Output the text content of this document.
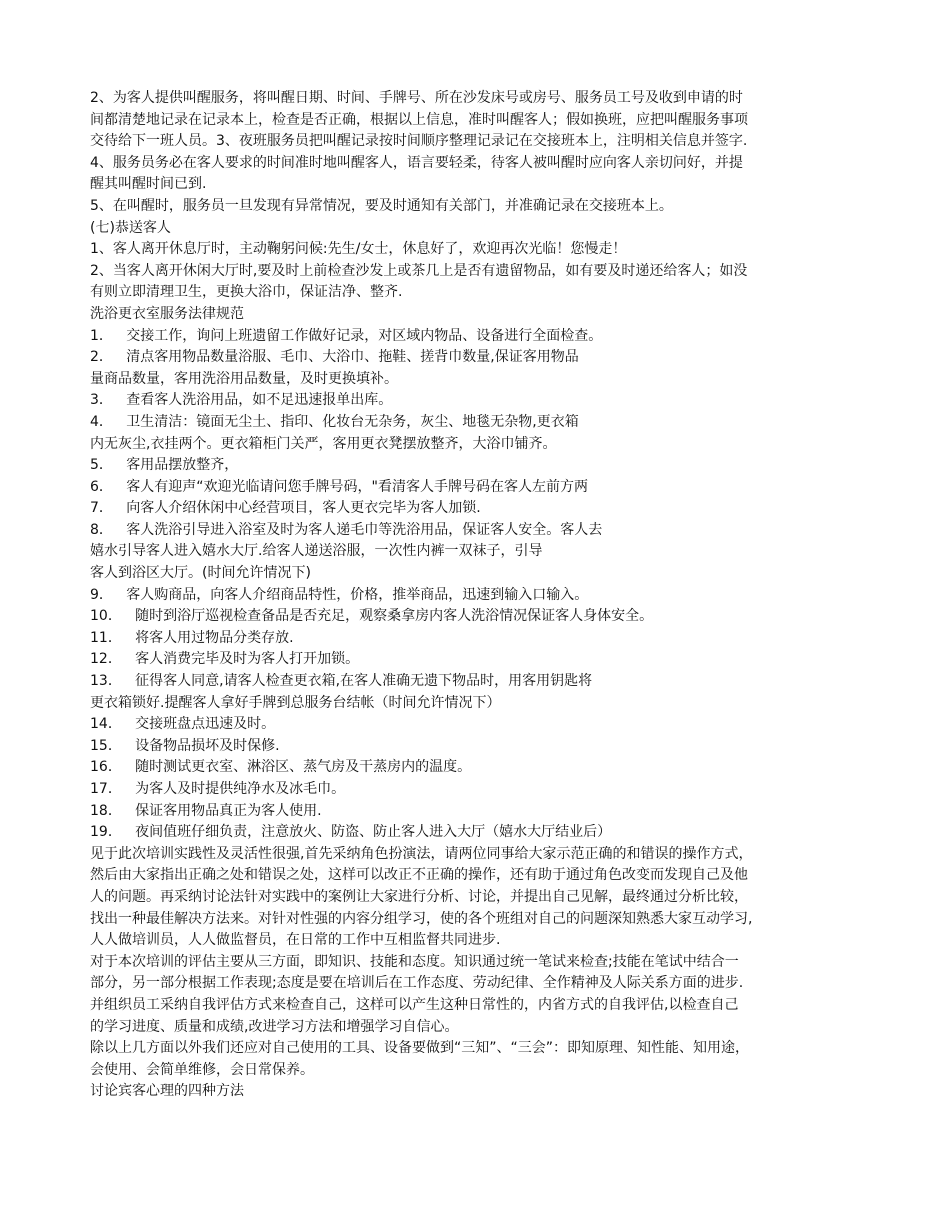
2、为客人提供叫醒服务，将叫醒日期、时间、手牌号、所在沙发床号或房号、服务员工号及收到申请的时
间都清楚地记录在记录本上，检查是否正确，根据以上信息，准时叫醒客人；假如换班，应把叫醒服务事项
交待给下一班人员。3、夜班服务员把叫醒记录按时间顺序整理记录记在交接班本上，注明相关信息并签字.
4、服务员务必在客人要求的时间准时地叫醒客人，语言要轻柔，待客人被叫醒时应向客人亲切问好，并提
醒其叫醒时间已到.
5、在叫醒时，服务员一旦发现有异常情况，要及时通知有关部门，并准确记录在交接班本上。
(七)恭送客人
1、客人离开休息厅时，主动鞠躬问候:先生/女士，休息好了，欢迎再次光临！您慢走！
2、当客人离开休闲大厅时,要及时上前检查沙发上或茶几上是否有遗留物品，如有要及时递还给客人；如没
有则立即清理卫生，更换大浴巾，保证洁净、整齐.
洗浴更衣室服务法律规范
1．   交接工作，询问上班遗留工作做好记录，对区域内物品、设备进行全面检查。
2．   清点客用物品数量浴服、毛巾、大浴巾、拖鞋、搓背巾数量,保证客用物品
量商品数量，客用洗浴用品数量，及时更换填补。
3．   查看客人洗浴用品，如不足迅速报单出库。
4．   卫生清洁：镜面无尘土、指印、化妆台无杂务，灰尘、地毯无杂物,更衣箱
内无灰尘,衣挂两个。更衣箱柜门关严，客用更衣凳摆放整齐，大浴巾铺齐。
5．   客用品摆放整齐，
6．   客人有迎声“欢迎光临请问您手牌号码，"看清客人手牌号码在客人左前方两
7．   向客人介绍休闲中心经营项目，客人更衣完毕为客人加锁.
8．   客人洗浴引导进入浴室及时为客人递毛巾等洗浴用品，保证客人安全。客人去
嬉水引导客人进入嬉水大厅.给客人递送浴服，一次性内裤一双袜子，引导
客人到浴区大厅。(时间允许情况下)
9．   客人购商品，向客人介绍商品特性，价格，推举商品，迅速到输入口输入。
10．   随时到浴厅巡视检查备品是否充足，观察桑拿房内客人洗浴情况保证客人身体安全。
11．   将客人用过物品分类存放.
12．   客人消费完毕及时为客人打开加锁。
13．   征得客人同意,请客人检查更衣箱,在客人准确无遗下物品时，用客用钥匙将
更衣箱锁好.提醒客人拿好手牌到总服务台结帐（时间允许情况下）
14．   交接班盘点迅速及时。
15．   设备物品损坏及时保修.
16．   随时测试更衣室、淋浴区、蒸气房及干蒸房内的温度。
17．   为客人及时提供纯净水及冰毛巾。
18．   保证客用物品真正为客人使用.
19．   夜间值班仔细负责，注意放火、防盗、防止客人进入大厅（嬉水大厅结业后）
见于此次培训实践性及灵活性很强,首先采纳角色扮演法，请两位同事给大家示范正确的和错误的操作方式，
然后由大家指出正确之处和错误之处，这样可以改正不正确的操作，还有助于通过角色改变而发现自己及他
人的问题。再采纳讨论法针对实践中的案例让大家进行分析、讨论，并提出自己见解，最终通过分析比较，
找出一种最佳解决方法来。对针对性强的内容分组学习，使的各个班组对自己的问题深知熟悉大家互动学习,
人人做培训员，人人做监督员，在日常的工作中互相监督共同进步.
对于本次培训的评估主要从三方面，即知识、技能和态度。知识通过统一笔试来检查;技能在笔试中结合一
部分，另一部分根据工作表现;态度是要在培训后在工作态度、劳动纪律、全作精神及人际关系方面的进步.
并组织员工采纳自我评估方式来检查自己，这样可以产生这种日常性的，内省方式的自我评估,以检查自己
的学习进度、质量和成绩,改进学习方法和增强学习自信心。
除以上几方面以外我们还应对自己使用的工具、设备要做到“三知”、“三会”：即知原理、知性能、知用途，
会使用、会简单维修，会日常保养。
讨论宾客心理的四种方法
